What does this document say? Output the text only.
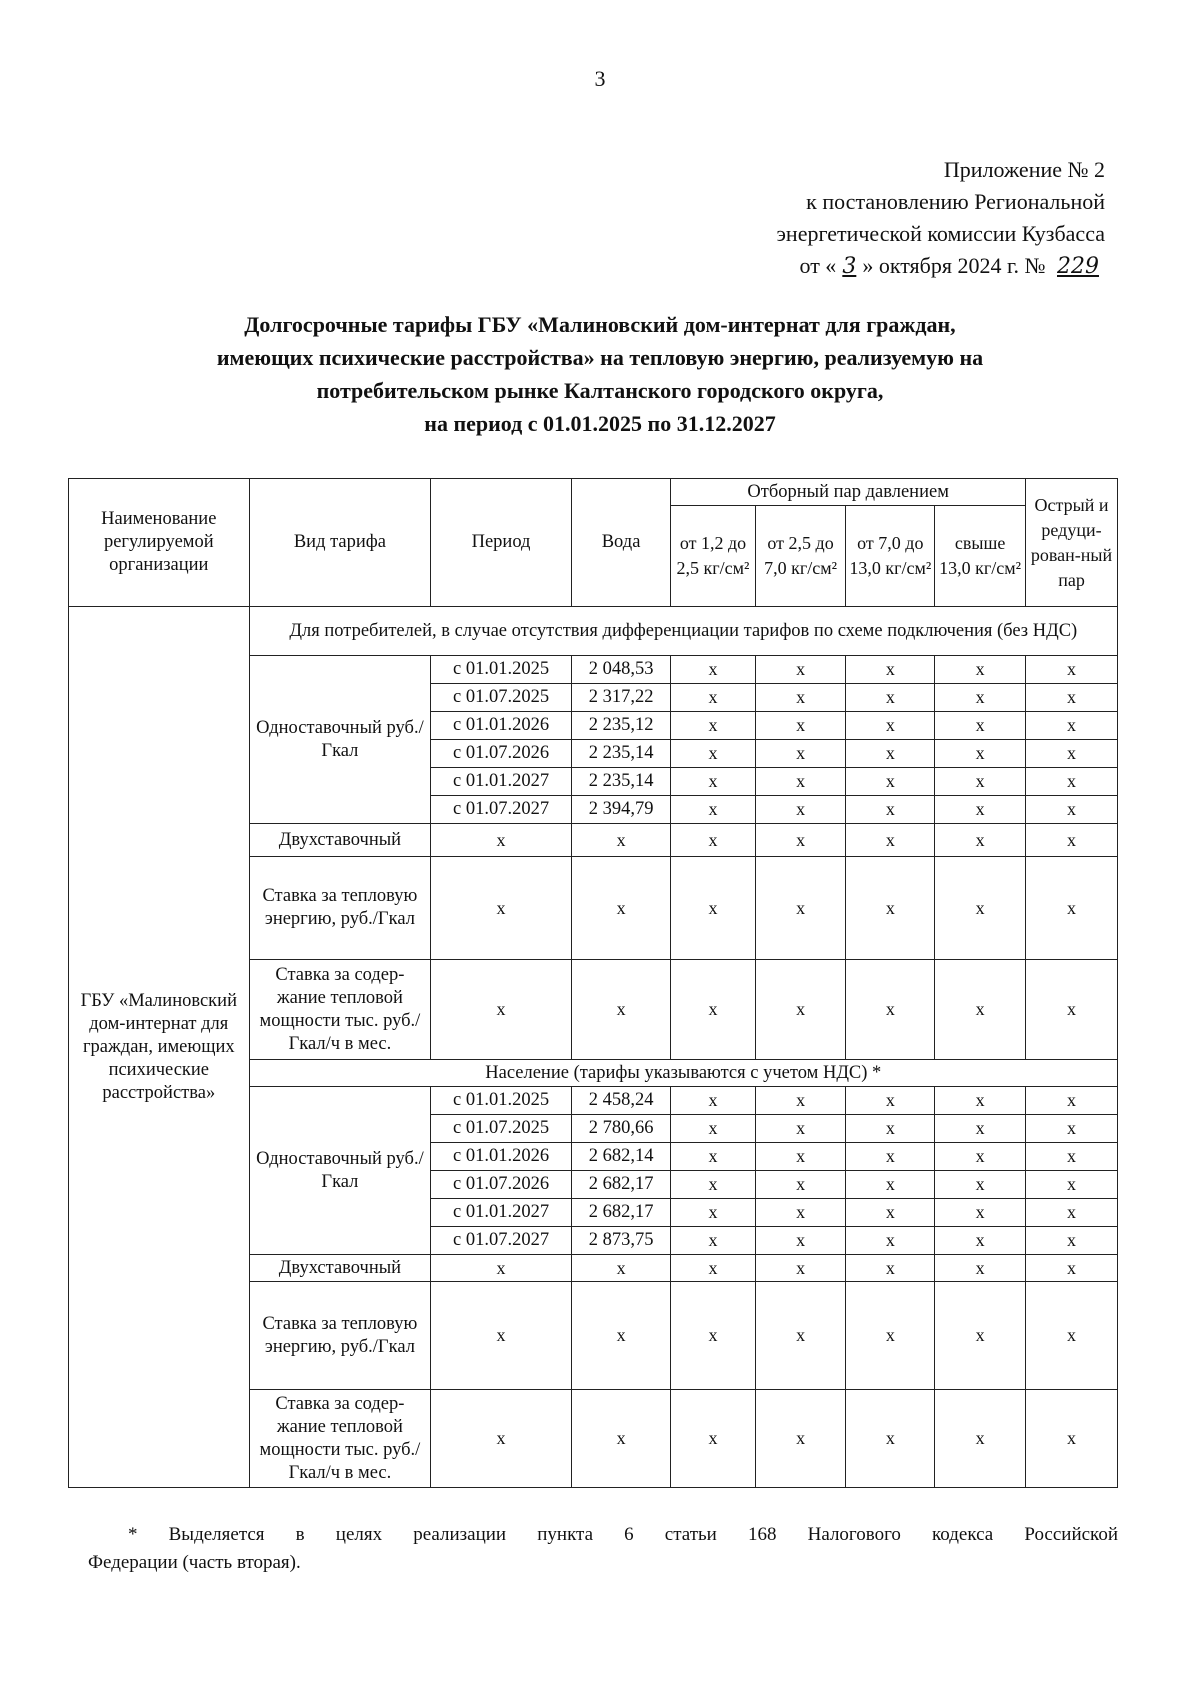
3
Приложение № 2
к постановлению Региональной
энергетической комиссии Кузбасса
от « 3 » октября 2024 г. № 229
Долгосрочные тарифы ГБУ «Малиновский дом-интернат для граждан,
имеющих психические расстройства» на тепловую энергию, реализуемую на
потребительском рынке Калтанского городского округа,
на период с 01.01.2025 по 31.12.2027
Наименование регулируемой организации	Вид тарифа	Период	Вода	Отборный пар давлением				Острый и редуци-рован-ный пар
				от 1,2 до 2,5 кг/см²	от 2,5 до 7,0 кг/см²	от 7,0 до 13,0 кг/см²	свыше 13,0 кг/см²	
ГБУ «Малиновский дом-интернат для граждан, имеющих психические расстройства»	Для потребителей, в случае отсутствия дифференциации тарифов по схеме подключения (без НДС)							
	Одноставочный руб./Гкал	с 01.01.2025	2 048,53	x	x	x	x	x
		с 01.07.2025	2 317,22	x	x	x	x	x
		с 01.01.2026	2 235,12	x	x	x	x	x
		с 01.07.2026	2 235,14	x	x	x	x	x
		с 01.01.2027	2 235,14	x	x	x	x	x
		с 01.07.2027	2 394,79	x	x	x	x	x
	Двухставочный	x	x	x	x	x	x	x
	Ставка за тепловую энергию, руб./Гкал	x	x	x	x	x	x	x
	Ставка за содер-жание тепловой мощности тыс. руб./Гкал/ч в мес.	x	x	x	x	x	x	x
	Население (тарифы указываются с учетом НДС) *							
	Одноставочный руб./Гкал	с 01.01.2025	2 458,24	x	x	x	x	x
		с 01.07.2025	2 780,66	x	x	x	x	x
		с 01.01.2026	2 682,14	x	x	x	x	x
		с 01.07.2026	2 682,17	x	x	x	x	x
		с 01.01.2027	2 682,17	x	x	x	x	x
		с 01.07.2027	2 873,75	x	x	x	x	x
	Двухставочный	x	x	x	x	x	x	x
	Ставка за тепловую энергию, руб./Гкал	x	x	x	x	x	x	x
	Ставка за содер-жание тепловой мощности тыс. руб./Гкал/ч в мес.	x	x	x	x	x	x	x
* Выделяется в целях реализации пункта 6 статьи 168 Налогового кодекса Российской
Федерации (часть вторая).
